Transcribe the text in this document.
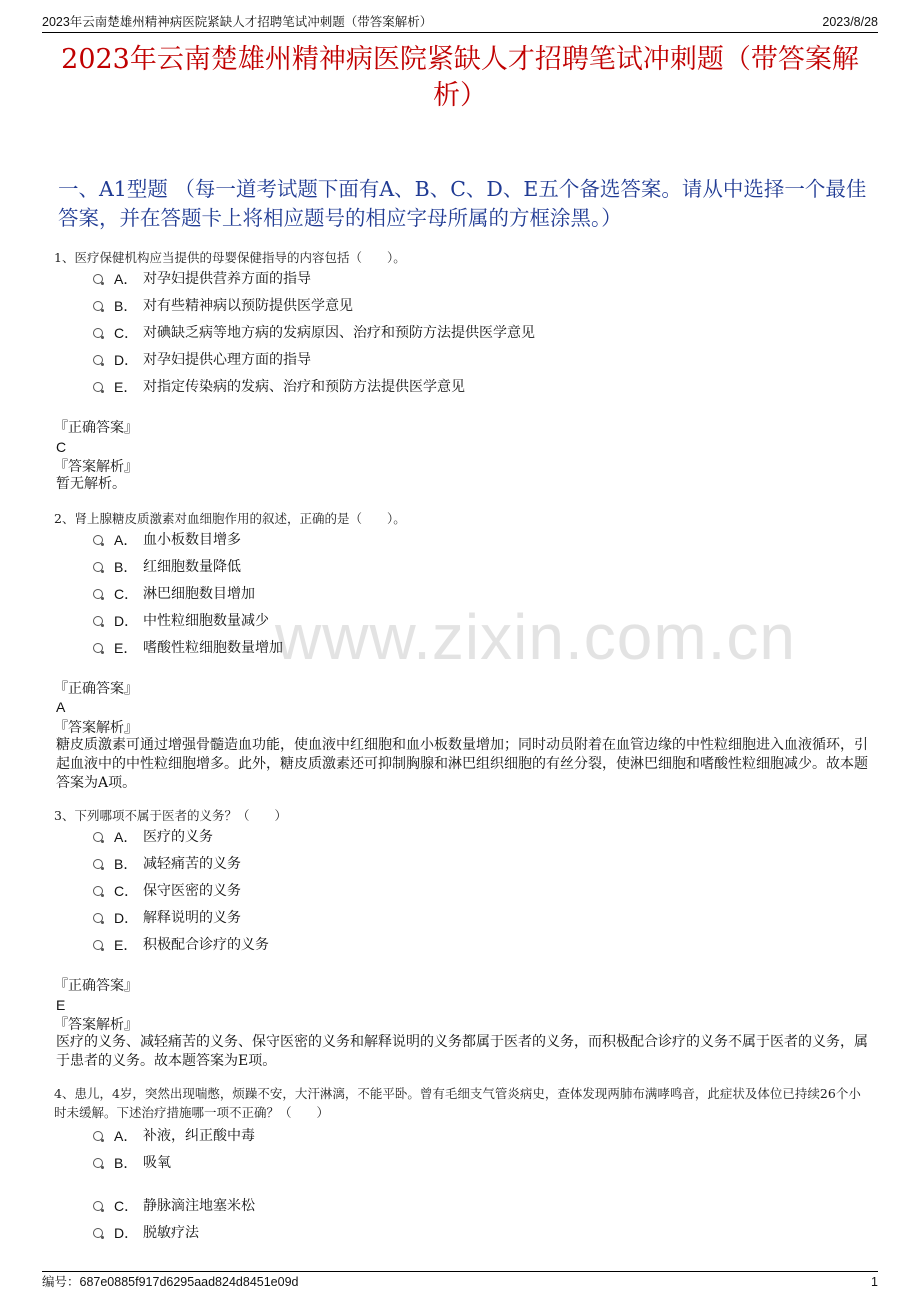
2023年云南楚雄州精神病医院紧缺人才招聘笔试冲刺题（带答案解析）	2023/8/28
2023年云南楚雄州精神病医院紧缺人才招聘笔试冲刺题（带答案解析）
一、A1型题 （每一道考试题下面有A、B、C、D、E五个备选答案。请从中选择一个最佳答案，并在答题卡上将相应题号的相应字母所属的方框涂黑。）
www.zixin.com.cn
1、医疗保健机构应当提供的母婴保健指导的内容包括（　　）。
A． 对孕妇提供营养方面的指导
B． 对有些精神病以预防提供医学意见
C． 对碘缺乏病等地方病的发病原因、治疗和预防方法提供医学意见
D． 对孕妇提供心理方面的指导
E． 对指定传染病的发病、治疗和预防方法提供医学意见
『正确答案』
C
『答案解析』
暂无解析。
2、肾上腺糖皮质激素对血细胞作用的叙述，正确的是（　　）。
A． 血小板数目增多
B． 红细胞数量降低
C． 淋巴细胞数目增加
D． 中性粒细胞数量减少
E． 嗜酸性粒细胞数量增加
『正确答案』
A
『答案解析』
糖皮质激素可通过增强骨髓造血功能，使血液中红细胞和血小板数量增加；同时动员附着在血管边缘的中性粒细胞进入血液循环，引起血液中的中性粒细胞增多。此外，糖皮质激素还可抑制胸腺和淋巴组织细胞的有丝分裂，使淋巴细胞和嗜酸性粒细胞减少。故本题答案为A项。
3、下列哪项不属于医者的义务？（　　）
A． 医疗的义务
B． 减轻痛苦的义务
C． 保守医密的义务
D． 解释说明的义务
E． 积极配合诊疗的义务
『正确答案』
E
『答案解析』
医疗的义务、减轻痛苦的义务、保守医密的义务和解释说明的义务都属于医者的义务，而积极配合诊疗的义务不属于医者的义务，属于患者的义务。故本题答案为E项。
4、患儿，4岁，突然出现喘憋，烦躁不安，大汗淋漓，不能平卧。曾有毛细支气管炎病史，查体发现两肺布满哮鸣音，此症状及体位已持续26个小时未缓解。下述治疗措施哪一项不正确？（　　）
A． 补液，纠正酸中毒
B． 吸氧
C． 静脉滴注地塞米松
D． 脱敏疗法
编号：687e0885f917d6295aad824d8451e09d	1
